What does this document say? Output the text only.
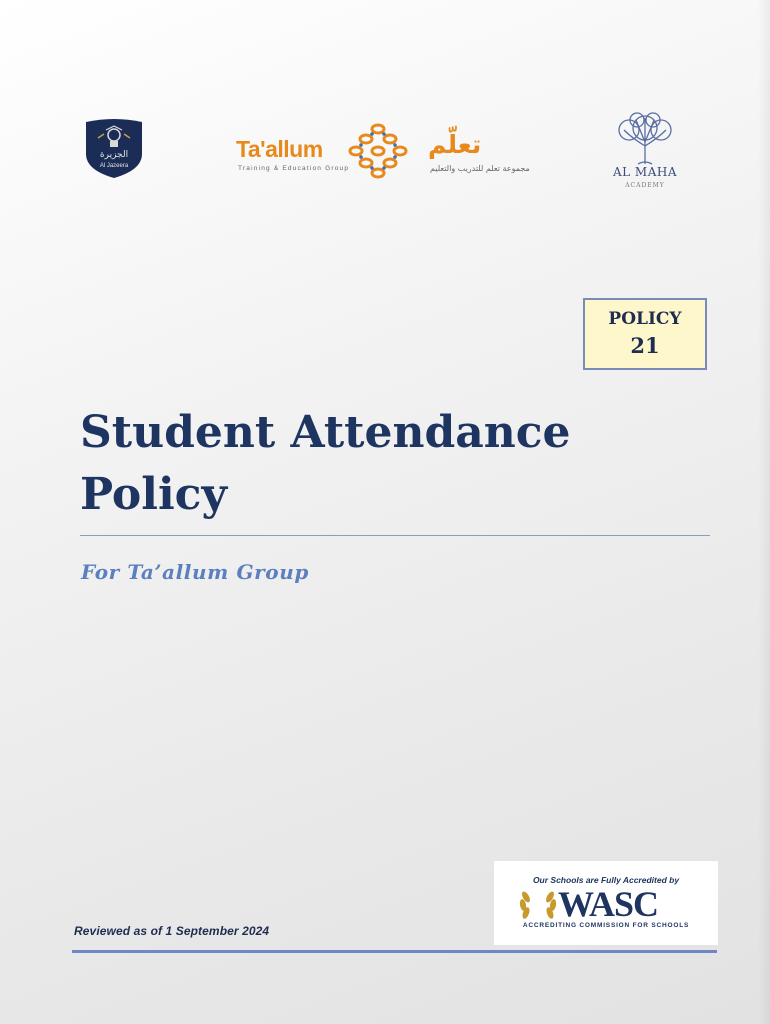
الجزيرة
Al Jazeera
Ta'allum
Training & Education Group
تعلّم
مجموعة تعلم للتدريب والتعليم	AL MAHA
ACADEMY
POLICY
21
Student Attendance Policy
For Ta’allum Group
Our Schools are Fully Accredited by
WASC
ACCREDITING COMMISSION FOR SCHOOLS
Reviewed as of 1 September 2024
